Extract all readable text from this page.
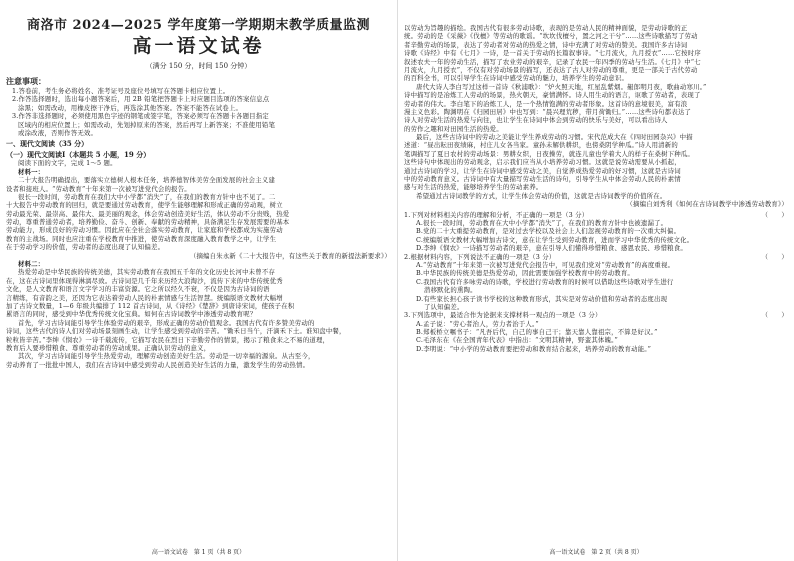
商洛市 2024—2025 学年度第一学期期末教学质量监测
高一语文试卷
（满分 150 分，时间 150 分钟）
注意事项：
1.答卷前，考生务必将姓名、准考证号及座位号填写在答题卡相应位置上。
2.作答选择题时，选出每小题答案后，用 2B 铅笔把答题卡上对应题目选项的答案信息点
涂黑；如需改动，用橡皮擦干净后，再选涂其他答案。答案不能答在试卷上。
3.作答非选择题时，必须使用黑色字迹的钢笔或签字笔，答案必须写在答题卡各题目指定
区域内的相应位置上；如需改动，先划掉原来的答案，然后再写上新答案；不准使用铅笔
或涂改液，否则作答无效。
一、现代文阅读（35 分）
（一）现代文阅读Ⅰ（本题共 5 小题，19 分）
阅读下面的文字，完成 1～5 题。
材料一：
二十大报告明确提出，要落实立德树人根本任务，培养德智体美劳全面发展的社会主义建
设者和接班人。“劳动教育”十年来第一次被写进党代会的报告。
很长一段时间，劳动教育在我们大中小学都“消失”了，在我们的教育方针中也不见了。二
十大报告中劳动教育的回归，就是要通过劳动教育，使学生能够理解和形成正确的劳动观，树立
劳动最光荣、最崇高、最伟大、最美丽的观念，体会劳动创造美好生活，体认劳动不分贵贱，热爱
劳动，尊重普通劳动者，培养勤俭、奋斗、创新、奉献的劳动精神，具备满足生存发展需要的基本
劳动能力，形成良好的劳动习惯。因此应在全社会落实劳动教育，让家庭和学校都成为实施劳动
教育的主战场。同时也应注重在学校教育中推进，使劳动教育深度融入教育教学之中，让学生
在于劳动学习的价值，劳动者的态度出现了认知偏差。
（摘编自朱永新《二十大报告中，有这些关于教育的新提法新要求》）
材料二：
热爱劳动是中华民族的传统美德，其实劳动教育在我国五千年的文化历史长河中未曾不存
在，这在古诗词里体现得淋漓尽致。古诗词是几千年来历经大浪淘沙，流传下来的中华传统优秀
文化，是人文教育和语言文字学习的丰富资源。它之所以经久不衰，不仅是因为古诗词的语
言精练，有音韵之美，还因为它表达着劳动人民的朴素情感与生活智慧。统编版语文教材大幅增
加了古诗文数量，1—6 年级共编排了 112 首古诗词，从《诗经》《楚辞》到唐诗宋词，使孩子在积
累语言的同时，感受到中华优秀传统文化宝典。如何在古诗词教学中渗透劳动教育呢？
首先，学习古诗词能引导学生体验劳动的艰辛，形成正确的劳动价值观念。我国古代有许多赞美劳动的
诗词，这些古代的诗人们对劳动场景刻画生动，让学生感受到劳动的辛苦。“锄禾日当午，汗滴禾下土。谁知盘中餐，
粒粒皆辛苦。”李绅《悯农》一诗千载流传，它描写农民在烈日下辛勤劳作的情景，揭示了粮食来之不易的道理，
教育后人要珍惜粮食、尊重劳动者的劳动成果。正确认识劳动的意义，
其次，学习古诗词能引导学生热爱劳动，理解劳动创造美好生活。劳动是一切幸福的源泉。从古至今，
劳动养育了一批批中国人，我们在古诗词中感受到劳动人民创造美好生活的力量，激发学生的劳动热情。
高一语文试卷　第 1 页（共 8 页）
以劳动为旨趣的描绘。我国古代有很多劳动诗歌，表现的是劳动人民的精神面貌，是劳动诗歌的正
统。劳动的是《采薇》《伐檀》等劳动的歌谣。“坎坎伐檀兮，置之河之干兮”……这些诗歌描写了劳动
者辛勤劳动的场景，表达了劳动者对劳动的热爱之情，诗中充满了对劳动的赞美。我国许多古诗词
诗歌《诗经》中有《七月》一诗，是一首关于劳动的长篇叙事诗。“七月流火，九月授衣”……它按时序
叙述农夫一年的劳动生活，描写了农业劳动的艰辛，记录了农民一年四季的劳动与生活。《七月》中“七
月流火，九月授衣”，不仅有对劳动场景的描写，还表达了古人对劳动的尊重，更是一部关于古代劳动
的百科全书，可以引导学生在诗词中感受劳动的魅力，培养学生的劳动意识。
唐代大诗人李白写过这样一首诗《秋浦歌》：“炉火照天地，红星乱紫烟。赧郎明月夜，歌曲动寒川。”
诗中描写的是冶炼工人劳动的场景，热火朝天，豪情满怀。诗人用生动的语言，讴歌了劳动者，表现了
劳动者的伟大。李白笔下的冶炼工人，是一个热情饱满的劳动者形象。这首诗的意境很美，富有浪
漫主义色彩。陶渊明在《归园田居》中也写到：“晨兴理荒秽，带月荷锄归。”……这些诗句都表达了
诗人对劳动生活的热爱与向往，也让学生在诗词中体会到劳动的快乐与美好，可以看出诗人
的劳作之趣和对田园生活的热爱。
最后，这些古诗词中的劳动之美能让学生养成劳动的习惯。宋代范成大在《四时田园杂兴》中描
述道：“昼出耘田夜绩麻，村庄儿女各当家。童孙未解供耕织，也傍桑阴学种瓜。”诗人用清新的
笔调描写了夏日农村的劳动场景：男耕女织，日夜操劳，就连儿童也学着大人的样子在桑树下种瓜。
这些诗句中体现出的劳动观念，启示我们应当从小培养劳动习惯。这就是说劳动需要从小抓起，
通过古诗词的学习，让学生在诗词中感受劳动之美，自觉养成热爱劳动的好习惯，这就是古诗词
中的劳动教育意义。古诗词中有大量描写劳动生活的诗句，引导学生从中体会劳动人民的朴素情
感与对生活的热爱，能够培养学生的劳动素养。
希望通过古诗词教学的方式，让学生体会劳动的价值，这就是古诗词教学的价值所在。
（摘编自刘秀利《如何在古诗词教学中渗透劳动教育》）
1.下列对材料相关内容的理解和分析，不正确的一项是（3 分）	（　　）
A.很长一段时间，劳动教育在大中小学都“消失”了，在我们的教育方针中也被遗漏了。
B.党的二十大重提劳动教育，是对过去学校以及社会上人们忽视劳动教育的一次重大纠偏。
C.统编版语文教材大幅增加古诗文，意在让学生受到劳动教育，进而学习中华优秀的传统文化。
D.李绅《悯农》一诗描写劳动者的艰辛，意在引导人们懂得珍惜粮食、感恩农民、珍惜粮食。
2.根据材料内容，下列说法不正确的一项是（3 分）	（　　）
A.“劳动教育”十年来第一次被写进党代会报告中，可见我们党对“劳动教育”的高度重视。
B.中华民族的传统美德是热爱劳动，因此需要加强学校教育中的劳动教育。
C.我国古代有许多咏劳动的诗歌，学校进行劳动教育的时候可以借助这些诗歌对学生进行
潜移默化的熏陶。
D.有些家长担心孩子读书学校的这种教育形式，其实是对劳动价值和劳动者的态度出现
了认知偏差。
3.下列选项中，最适合作为论据来支撑材料一观点的一项是（3 分）	（　　）
A.孟子说：“劳心者治人，劳力者治于人。”
B.郑板桥立嘱书子：“凡吾后代，自己的事自己干；靠天靠人靠祖宗，不算是好汉。”
C.毛泽东在《在全国青年代表》中指出：“文明其精神，野蛮其体魄。”
D.李明说：“中小学的劳动教育要把劳动和教育结合起来，培养劳动的教育动能。”
高一语文试卷　第 2 页（共 8 页）
